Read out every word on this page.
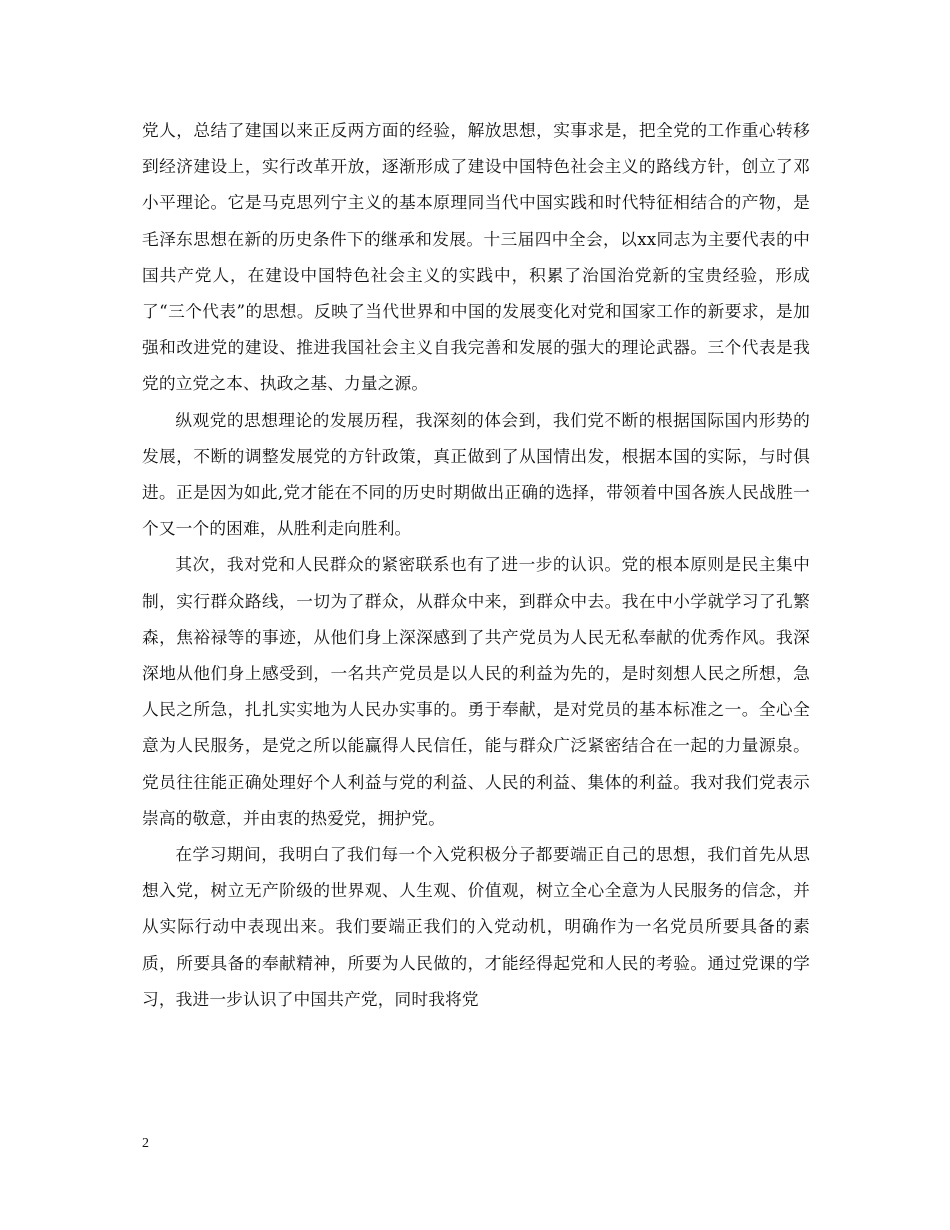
党人，总结了建国以来正反两方面的经验，解放思想，实事求是，把全党的工作重心转移到经济建设上，实行改革开放，逐渐形成了建设中国特色社会主义的路线方针，创立了邓小平理论。它是马克思列宁主义的基本原理同当代中国实践和时代特征相结合的产物，是毛泽东思想在新的历史条件下的继承和发展。十三届四中全会，以xx同志为主要代表的中国共产党人，在建设中国特色社会主义的实践中，积累了治国治党新的宝贵经验，形成了“三个代表”的思想。反映了当代世界和中国的发展变化对党和国家工作的新要求，是加强和改进党的建设、推进我国社会主义自我完善和发展的强大的理论武器。三个代表是我党的立党之本、执政之基、力量之源。

纵观党的思想理论的发展历程，我深刻的体会到，我们党不断的根据国际国内形势的发展，不断的调整发展党的方针政策，真正做到了从国情出发，根据本国的实际，与时俱进。正是因为如此,党才能在不同的历史时期做出正确的选择，带领着中国各族人民战胜一个又一个的困难，从胜利走向胜利。

其次，我对党和人民群众的紧密联系也有了进一步的认识。党的根本原则是民主集中制，实行群众路线，一切为了群众，从群众中来，到群众中去。我在中小学就学习了孔繁森，焦裕禄等的事迹，从他们身上深深感到了共产党员为人民无私奉献的优秀作风。我深深地从他们身上感受到，一名共产党员是以人民的利益为先的，是时刻想人民之所想，急人民之所急，扎扎实实地为人民办实事的。勇于奉献，是对党员的基本标准之一。全心全意为人民服务，是党之所以能赢得人民信任，能与群众广泛紧密结合在一起的力量源泉。党员往往能正确处理好个人利益与党的利益、人民的利益、集体的利益。我对我们党表示崇高的敬意，并由衷的热爱党，拥护党。

在学习期间，我明白了我们每一个入党积极分子都要端正自己的思想，我们首先从思想入党，树立无产阶级的世界观、人生观、价值观，树立全心全意为人民服务的信念，并从实际行动中表现出来。我们要端正我们的入党动机，明确作为一名党员所要具备的素质，所要具备的奉献精神，所要为人民做的，才能经得起党和人民的考验。通过党课的学习，我进一步认识了中国共产党，同时我将党

2
